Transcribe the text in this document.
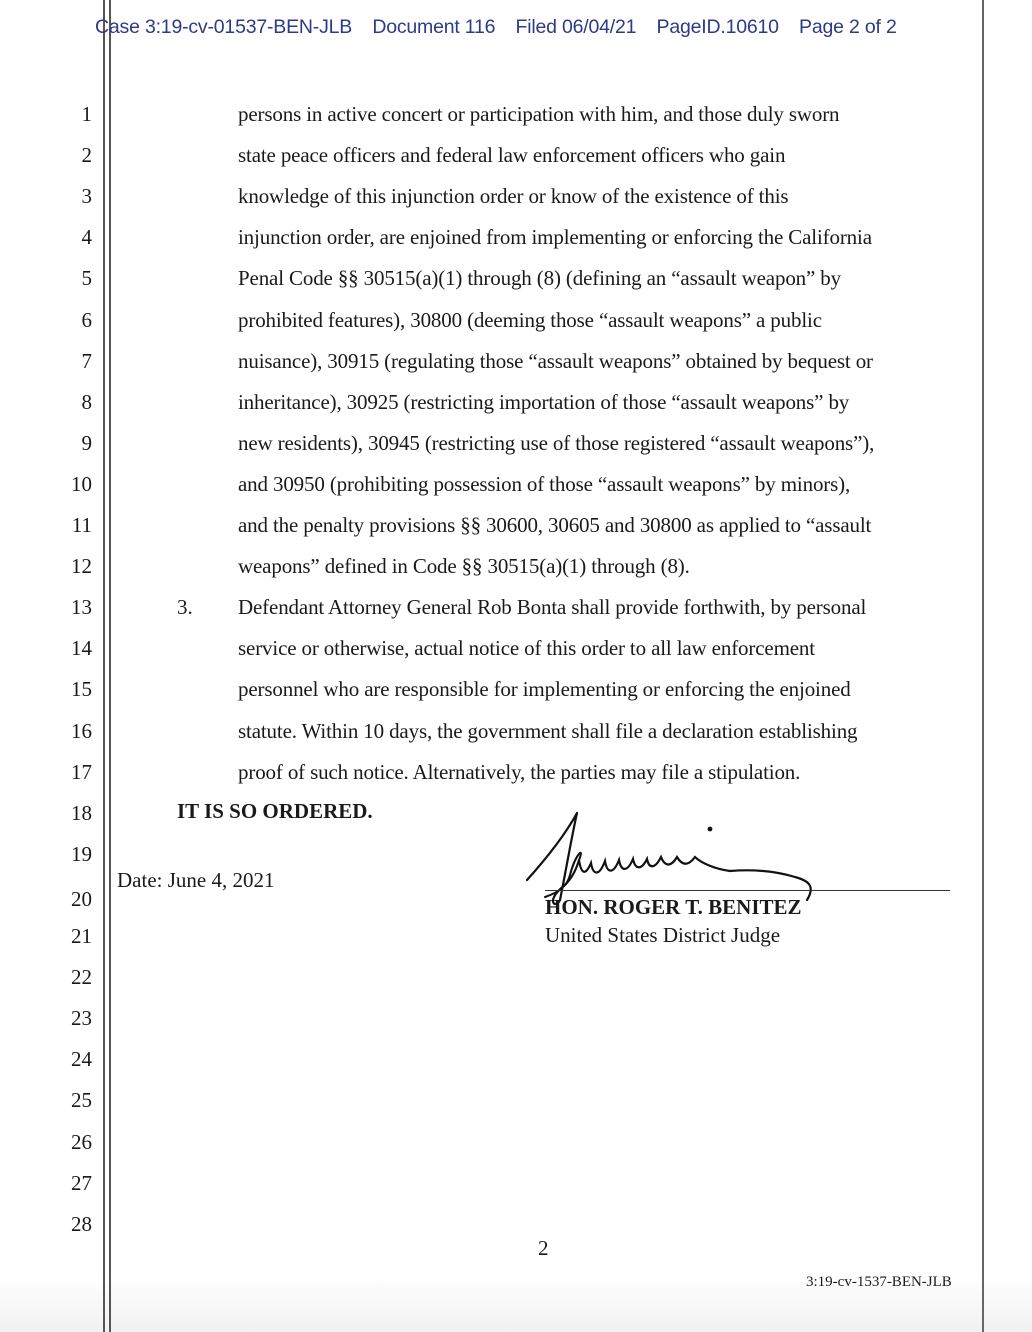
Case 3:19-cv-01537-BEN-JLB Document 116 Filed 06/04/21 PageID.10610 Page 2 of 2
1
2
3
4
5
6
7
8
9
10
11
12
13
14
15
16
17
18
19
20
21
22
23
24
25
26
27
28
persons in active concert or participation with him, and those duly sworn
state peace officers and federal law enforcement officers who gain
knowledge of this injunction order or know of the existence of this
injunction order, are enjoined from implementing or enforcing the California
Penal Code §§ 30515(a)(1) through (8) (defining an “assault weapon” by
prohibited features), 30800 (deeming those “assault weapons” a public
nuisance), 30915 (regulating those “assault weapons” obtained by bequest or
inheritance), 30925 (restricting importation of those “assault weapons” by
new residents), 30945 (restricting use of those registered “assault weapons”),
and 30950 (prohibiting possession of those “assault weapons” by minors),
and the penalty provisions §§ 30600, 30605 and 30800 as applied to “assault
weapons” defined in Code §§ 30515(a)(1) through (8).
Defendant Attorney General Rob Bonta shall provide forthwith, by personal
service or otherwise, actual notice of this order to all law enforcement
personnel who are responsible for implementing or enforcing the enjoined
statute. Within 10 days, the government shall file a declaration establishing
proof of such notice. Alternatively, the parties may file a stipulation.
3.
IT IS SO ORDERED.
Date: June 4, 2021
HON. ROGER T. BENITEZ
United States District Judge
2
3:19-cv-1537-BEN-JLB
